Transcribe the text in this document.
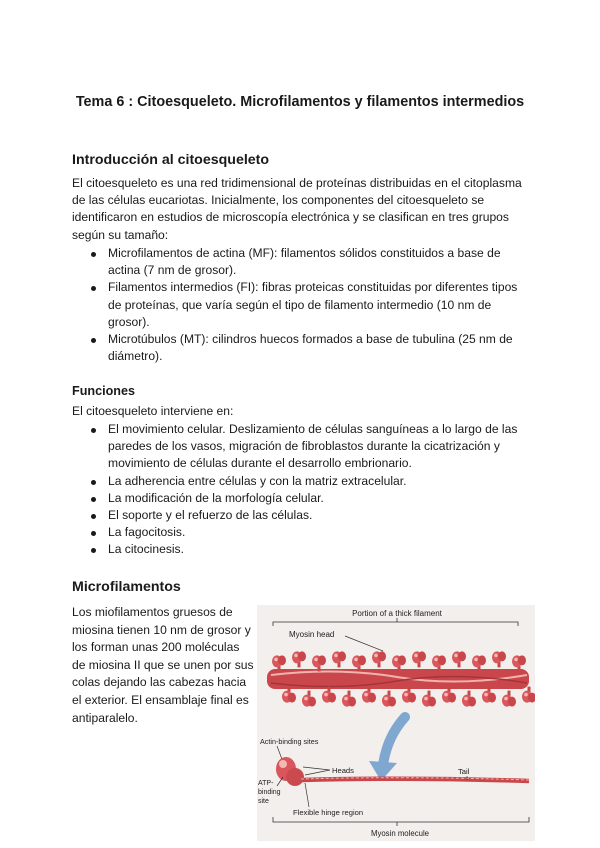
Tema 6 : Citoesqueleto. Microfilamentos y filamentos intermedios
Introducción al citoesqueleto

El citoesqueleto es una red tridimensional de proteínas distribuidas en el citoplasma de las células eucariotas. Inicialmente, los componentes del citoesqueleto se identificaron en estudios de microscopía electrónica y se clasifican en tres grupos según su tamaño:

Microfilamentos de actina (MF): filamentos sólidos constituidos a base de actina (7 nm de grosor).
Filamentos intermedios (FI): fibras proteicas constituidas por diferentes tipos de proteínas, que varía según el tipo de filamento intermedio (10 nm de grosor).
Microtúbulos (MT): cilindros huecos formados a base de tubulina (25 nm de diámetro).
Funciones

El citoesqueleto interviene en:

El movimiento celular. Deslizamiento de células sanguíneas a lo largo de las paredes de los vasos, migración de fibroblastos durante la cicatrización y movimiento de células durante el desarrollo embrionario.
La adherencia entre células y con la matriz extracelular.
La modificación de la morfología celular.
El soporte y el refuerzo de las células.
La fagocitosis.
La citocinesis.
Microfilamentos

Los miofilamentos gruesos de miosina tienen 10 nm de grosor y los forman unas 200 moléculas de miosina II que se unen por sus colas dejando las cabezas hacia el exterior. El ensamblaje final es antiparalelo.

Portion of a thick filament
Myosin head
Actin-binding sites
Heads	Tail
ATP-
binding
site
Flexible hinge region
Myosin molecule
